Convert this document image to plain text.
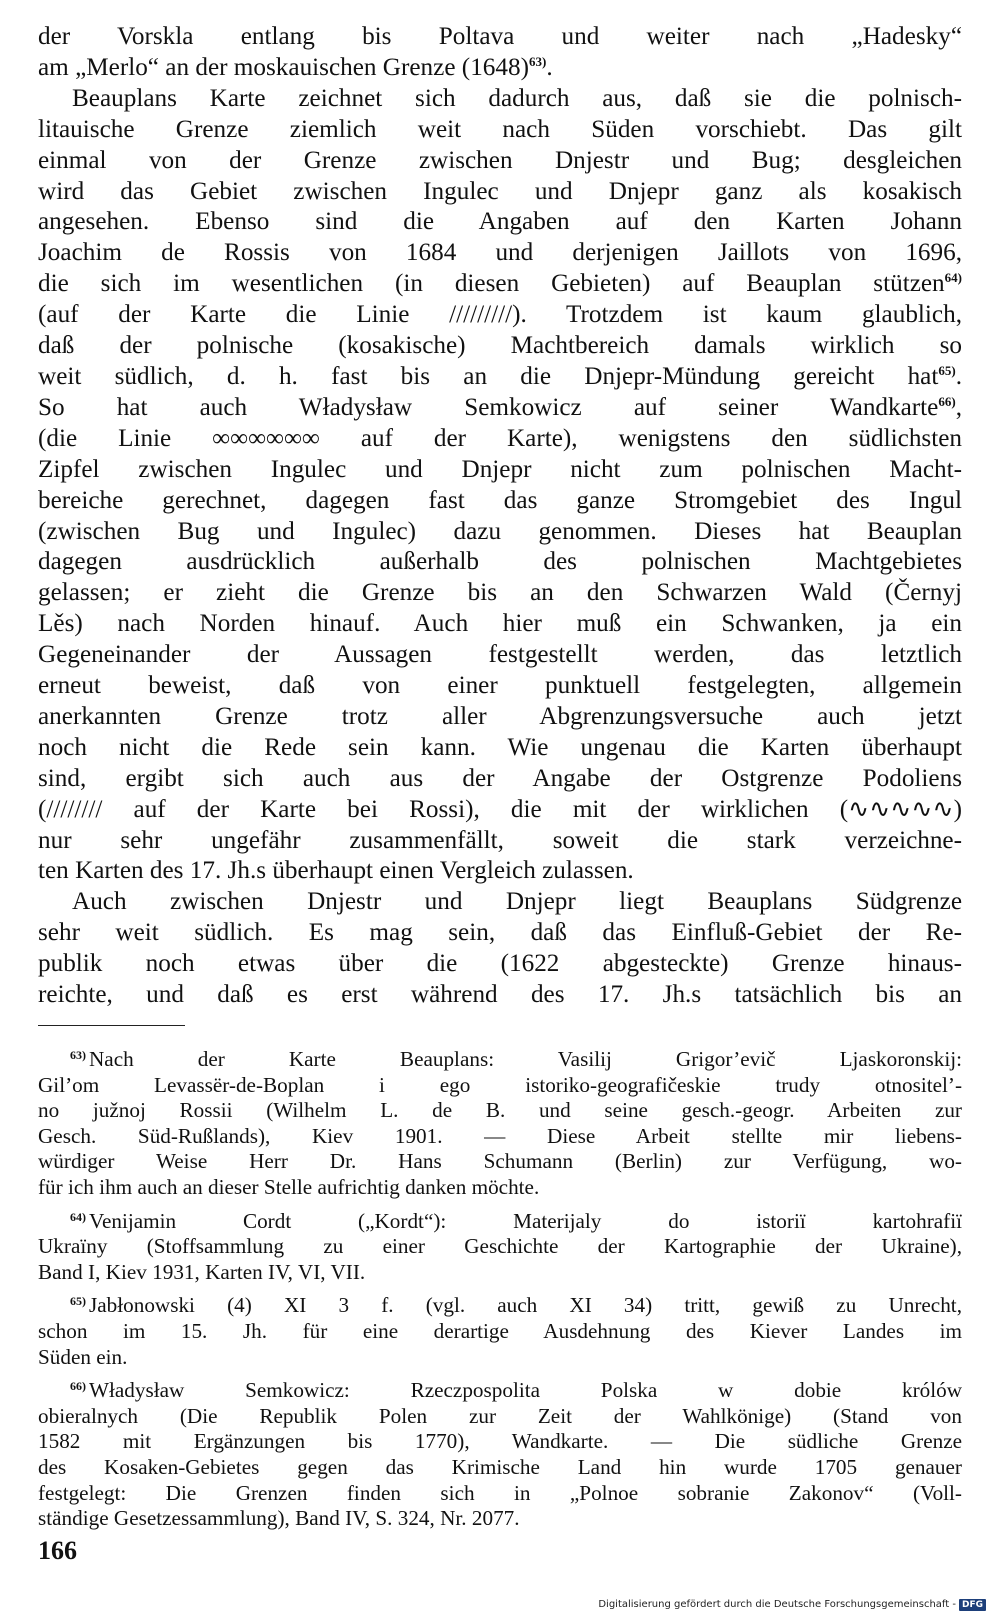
der Vorskla entlang bis Poltava und weiter nach „Hadesky“
am „Merlo“ an der moskauischen Grenze $(1648)^{63)}$.
Beauplans Karte zeichnet sich dadurch aus, daß sie die polnisch-
litauische Grenze ziemlich weit nach Süden vorschiebt. Das gilt
einmal von der Grenze zwischen Dnjestr und Bug; desgleichen
wird das Gebiet zwischen Ingulec und Dnjepr ganz als kosakisch
angesehen. Ebenso sind die Angaben auf den Karten Johann
Joachim de Rossis von 1684 und derjenigen Jaillots von 1696,
die sich im wesentlichen (in diesen Gebieten) auf Beauplan stützen$^{64)}$
(auf der Karte die Linie /////////). Trotzdem ist kaum glaublich,
daß der polnische (kosakische) Machtbereich damals wirklich so
weit südlich, d. h. fast bis an die Dnjepr-Mündung gereicht hat$^{65)}$.
So hat auch Władysław Semkowicz auf seiner Wandkarte$^{66)}$,
(die Linie ∞∞∞∞∞∞ auf der Karte), wenigstens den südlichsten
Zipfel zwischen Ingulec und Dnjepr nicht zum polnischen Macht-
bereiche gerechnet, dagegen fast das ganze Stromgebiet des Ingul
(zwischen Bug und Ingulec) dazu genommen. Dieses hat Beauplan
dagegen ausdrücklich außerhalb des polnischen Machtgebietes
gelassen; er zieht die Grenze bis an den Schwarzen Wald (Černyj
Lěs) nach Norden hinauf. Auch hier muß ein Schwanken, ja ein
Gegeneinander der Aussagen festgestellt werden, das letztlich
erneut beweist, daß von einer punktuell festgelegten, allgemein
anerkannten Grenze trotz aller Abgrenzungsversuche auch jetzt
noch nicht die Rede sein kann. Wie ungenau die Karten überhaupt
sind, ergibt sich auch aus der Angabe der Ostgrenze Podoliens
(//////// auf der Karte bei Rossi), die mit der wirklichen (∿∿∿∿∿)
nur sehr ungefähr zusammenfällt, soweit die stark verzeichne-
ten Karten des 17. Jh.s überhaupt einen Vergleich zulassen.
Auch zwischen Dnjestr und Dnjepr liegt Beauplans Südgrenze
sehr weit südlich. Es mag sein, daß das Einfluß-Gebiet der Re-
publik noch etwas über die (1622 abgesteckte) Grenze hinaus-
reichte, und daß es erst während des 17. Jh.s tatsächlich bis an
$^{63)}$ Nach der Karte Beauplans: Vasilij Grigor’evič Ljaskoronskij:
Gil’om Levassër-de-Boplan i ego istoriko-geografičeskie trudy otnositel’-
no južnoj Rossii (Wilhelm L. de B. und seine gesch.-geogr. Arbeiten zur
Gesch. Süd-Rußlands), Kiev 1901. — Diese Arbeit stellte mir liebens-
würdiger Weise Herr Dr. Hans Schumann (Berlin) zur Verfügung, wo-
für ich ihm auch an dieser Stelle aufrichtig danken möchte.
$^{64)}$ Venijamin Cordt („Kordt“): Materijaly do istoriï kartohrafiï
Ukraïny (Stoffsammlung zu einer Geschichte der Kartographie der Ukraine),
Band I, Kiev 1931, Karten IV, VI, VII.
$^{65)}$ Jabłonowski (4) XI 3 f. (vgl. auch XI 34) tritt, gewiß zu Unrecht,
schon im 15. Jh. für eine derartige Ausdehnung des Kiever Landes im
Süden ein.
$^{66)}$ Władysław Semkowicz: Rzeczpospolita Polska w dobie królów
obieralnych (Die Republik Polen zur Zeit der Wahlkönige) (Stand von
1582 mit Ergänzungen bis 1770), Wandkarte. — Die südliche Grenze
des Kosaken-Gebietes gegen das Krimische Land hin wurde 1705 genauer
festgelegt: Die Grenzen finden sich in „Polnoe sobranie Zakonov“ (Voll-
ständige Gesetzessammlung), Band IV, S. 324, Nr. 2077.
166
Digitalisierung gefördert durch die Deutsche Forschungsgemeinschaft - DFG
